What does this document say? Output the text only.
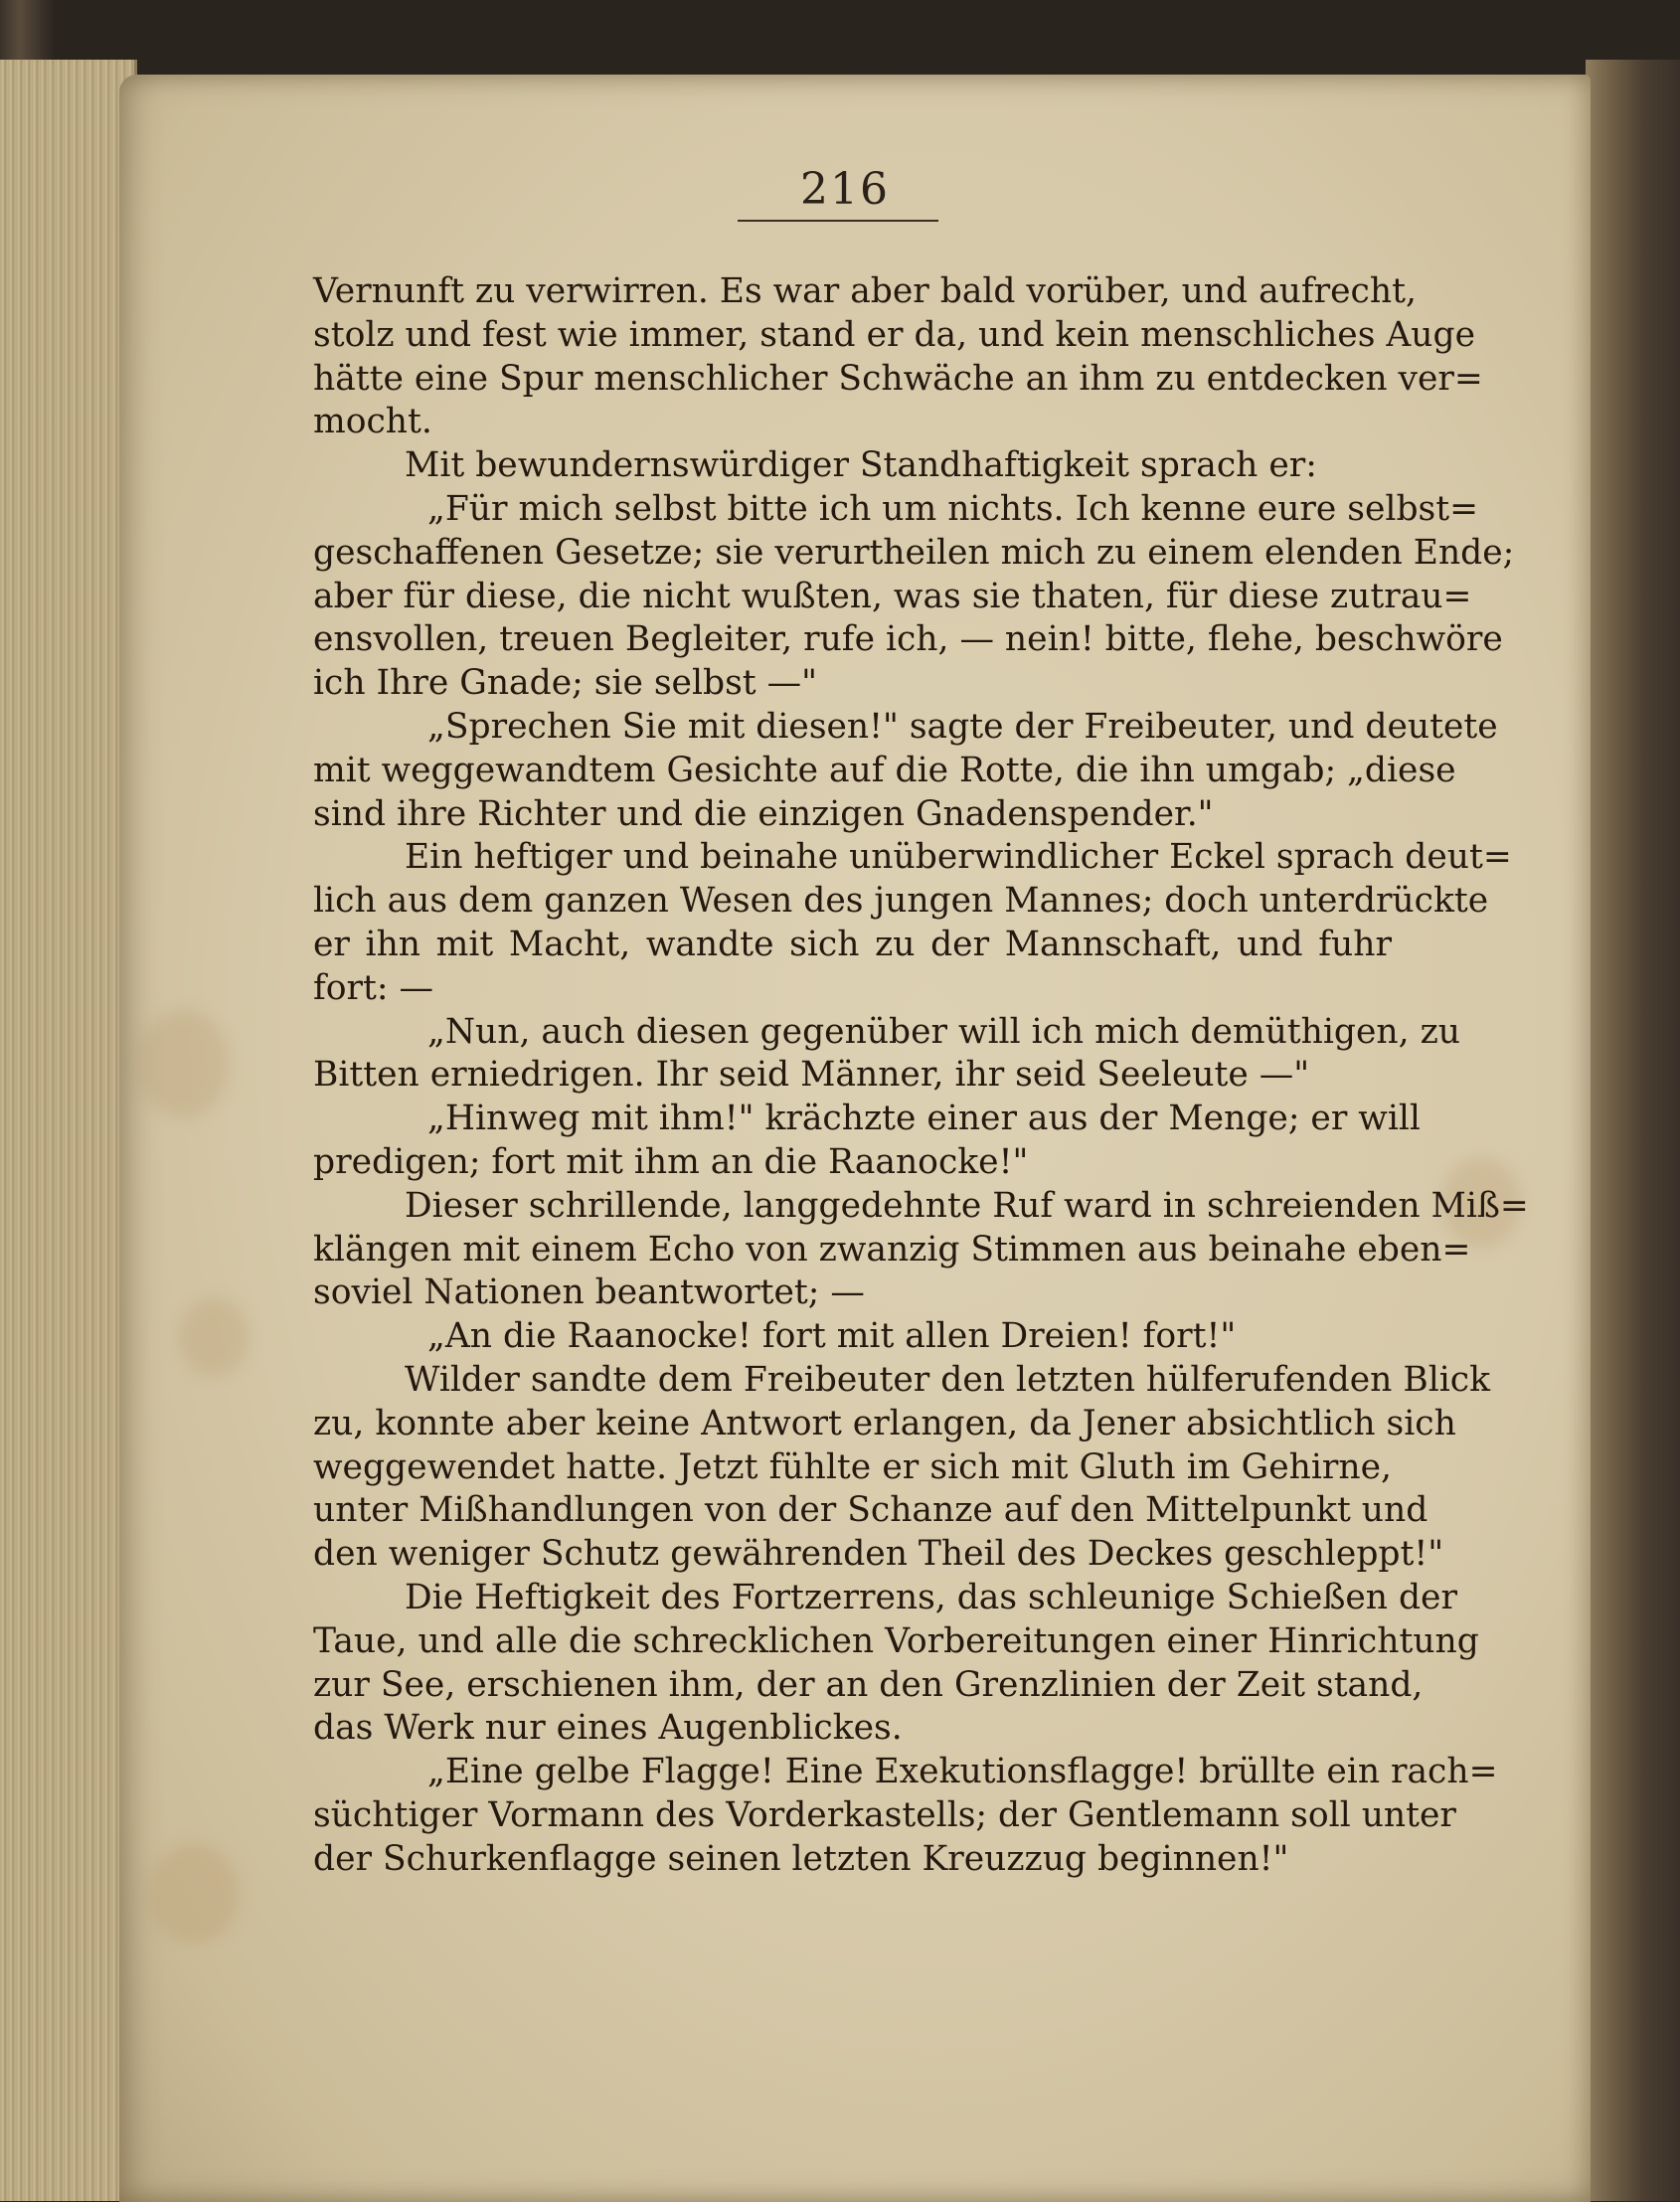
216
Vernunft zu verwirren. Es war aber bald vorüber, und aufrecht,
stolz und fest wie immer, stand er da, und kein menschliches Auge
hätte eine Spur menschlicher Schwäche an ihm zu entdecken ver=
mocht.
Mit bewundernswürdiger Standhaftigkeit sprach er:
„Für mich selbst bitte ich um nichts. Ich kenne eure selbst=
geschaffenen Gesetze; sie verurtheilen mich zu einem elenden Ende;
aber für diese, die nicht wußten, was sie thaten, für diese zutrau=
ensvollen, treuen Begleiter, rufe ich, — nein! bitte, flehe, beschwöre
ich Ihre Gnade; sie selbst —"
„Sprechen Sie mit diesen!" sagte der Freibeuter, und deutete
mit weggewandtem Gesichte auf die Rotte, die ihn umgab; „diese
sind ihre Richter und die einzigen Gnadenspender."
Ein heftiger und beinahe unüberwindlicher Eckel sprach deut=
lich aus dem ganzen Wesen des jungen Mannes; doch unterdrückte
er ihn mit Macht, wandte sich zu der Mannschaft, und fuhr
fort: —
„Nun, auch diesen gegenüber will ich mich demüthigen, zu
Bitten erniedrigen. Ihr seid Männer, ihr seid Seeleute —"
„Hinweg mit ihm!" krächzte einer aus der Menge; er will
predigen; fort mit ihm an die Raanocke!"
Dieser schrillende, langgedehnte Ruf ward in schreienden Miß=
klängen mit einem Echo von zwanzig Stimmen aus beinahe eben=
soviel Nationen beantwortet; —
„An die Raanocke! fort mit allen Dreien! fort!"
Wilder sandte dem Freibeuter den letzten hülferufenden Blick
zu, konnte aber keine Antwort erlangen, da Jener absichtlich sich
weggewendet hatte. Jetzt fühlte er sich mit Gluth im Gehirne,
unter Mißhandlungen von der Schanze auf den Mittelpunkt und
den weniger Schutz gewährenden Theil des Deckes geschleppt!"
Die Heftigkeit des Fortzerrens, das schleunige Schießen der
Taue, und alle die schrecklichen Vorbereitungen einer Hinrichtung
zur See, erschienen ihm, der an den Grenzlinien der Zeit stand,
das Werk nur eines Augenblickes.
„Eine gelbe Flagge! Eine Exekutionsflagge! brüllte ein rach=
süchtiger Vormann des Vorderkastells; der Gentlemann soll unter
der Schurkenflagge seinen letzten Kreuzzug beginnen!"
